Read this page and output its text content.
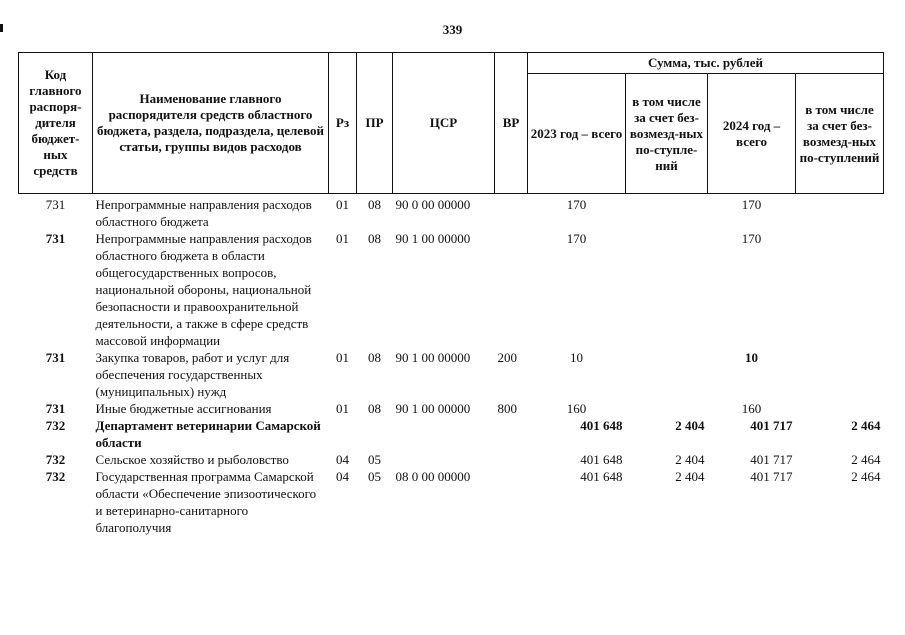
339
Код главного распоря-дителя бюджет-ных средств	Наименование главного распорядителя средств областного бюджета, раздела, подраздела, целевой статьи, группы видов расходов	Рз	ПР	ЦСР	ВР	Сумма, тыс. рублей			
						2023 год – всего	в том числе за счет без-возмезд-ных по-ступле-ний	2024 год – всего	в том числе за счет без-возмезд-ных по-ступлений
731	Непрограммные направления расходов областного бюджета	01	08	90 0 00 00000		170		170	
731	Непрограммные направления расходов областного бюджета в области общегосударственных вопросов, национальной обороны, национальной безопасности и правоохранительной деятельности, а также в сфере средств массовой информации	01	08	90 1 00 00000		170		170	
731	Закупка товаров, работ и услуг для обеспечения государственных (муниципальных) нужд	01	08	90 1 00 00000	200	10		10	
731	Иные бюджетные ассигнования	01	08	90 1 00 00000	800	160		160	
732	Департамент ветеринарии Самарской области					401 648	2 404	401 717	2 464
732	Сельское хозяйство и рыболовство	04	05			401 648	2 404	401 717	2 464
732	Государственная программа Самарской области «Обеспечение эпизоотического и ветеринарно-санитарного благополучия	04	05	08 0 00 00000		401 648	2 404	401 717	2 464
